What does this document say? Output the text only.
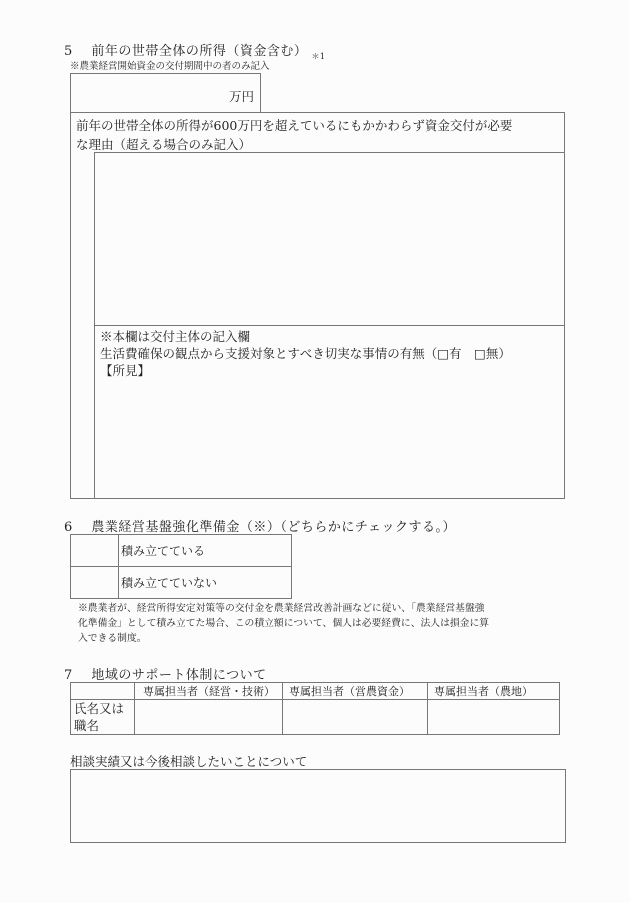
5 前年の世帯全体の所得（資金含む） $_{*1}$
※農業経営開始資金の交付期間中の者のみ記入
万円
前年の世帯全体の所得が600万円を超えているにもかかわらず資金交付が必要
な理由（超える場合のみ記入）
※本欄は交付主体の記入欄
生活費確保の観点から支援対象とすべき切実な事情の有無（□有　□無）
【所見】
6 農業経営基盤強化準備金（※）（どちらかにチェックする。）
	積み立てている
	積み立てていない
※農業者が、経営所得安定対策等の交付金を農業経営改善計画などに従い、「農業経営基盤強
化準備金」として積み立てた場合、この積立額について、個人は必要経費に、法人は損金に算
入できる制度。
7 地域のサポート体制について
	専属担当者（経営・技術）	専属担当者（営農資金）	専属担当者（農地）

氏名又は
職名			

相談実績又は今後相談したいことについて
